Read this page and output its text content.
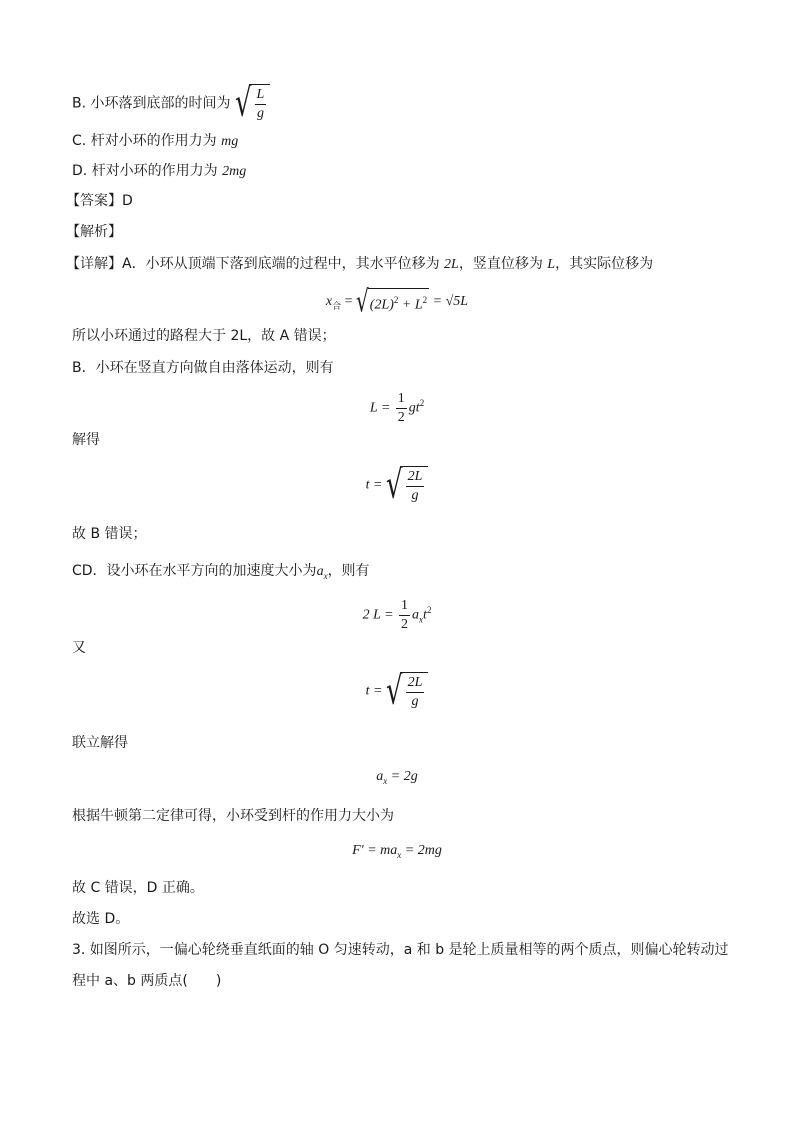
B. 小环落到底部的时间为 √ $\frac{L}{g}$
C. 杆对小环的作用力为 mg
D. 杆对小环的作用力为 2mg
【答案】D
【解析】
【详解】A．小环从顶端下落到底端的过程中，其水平位移为 2L，竖直位移为 L，其实际位移为
$x_合$ = √ $(2L)^2 + L^2 = √5L$
所以小环通过的路程大于 2L，故 A 错误；
B．小环在竖直方向做自由落体运动，则有
$L = \frac{1}{2} gt^2$
解得
t = √ $\frac{2L}{g}$
故 B 错误；
CD．设小环在水平方向的加速度大小为$a_x$，则有
2 $L = \frac{1}{2} a_xt^2$
又
t = √ $\frac{2L}{g}$
联立解得
$a_x = 2g$
根据牛顿第二定律可得，小环受到杆的作用力大小为
$F' = ma_x = 2mg$
故 C 错误，D 正确。
故选 D。
3. 如图所示，一偏心轮绕垂直纸面的轴 O 匀速转动，a 和 b 是轮上质量相等的两个质点，则偏心轮转动过
程中 a、b 两质点(　　)
